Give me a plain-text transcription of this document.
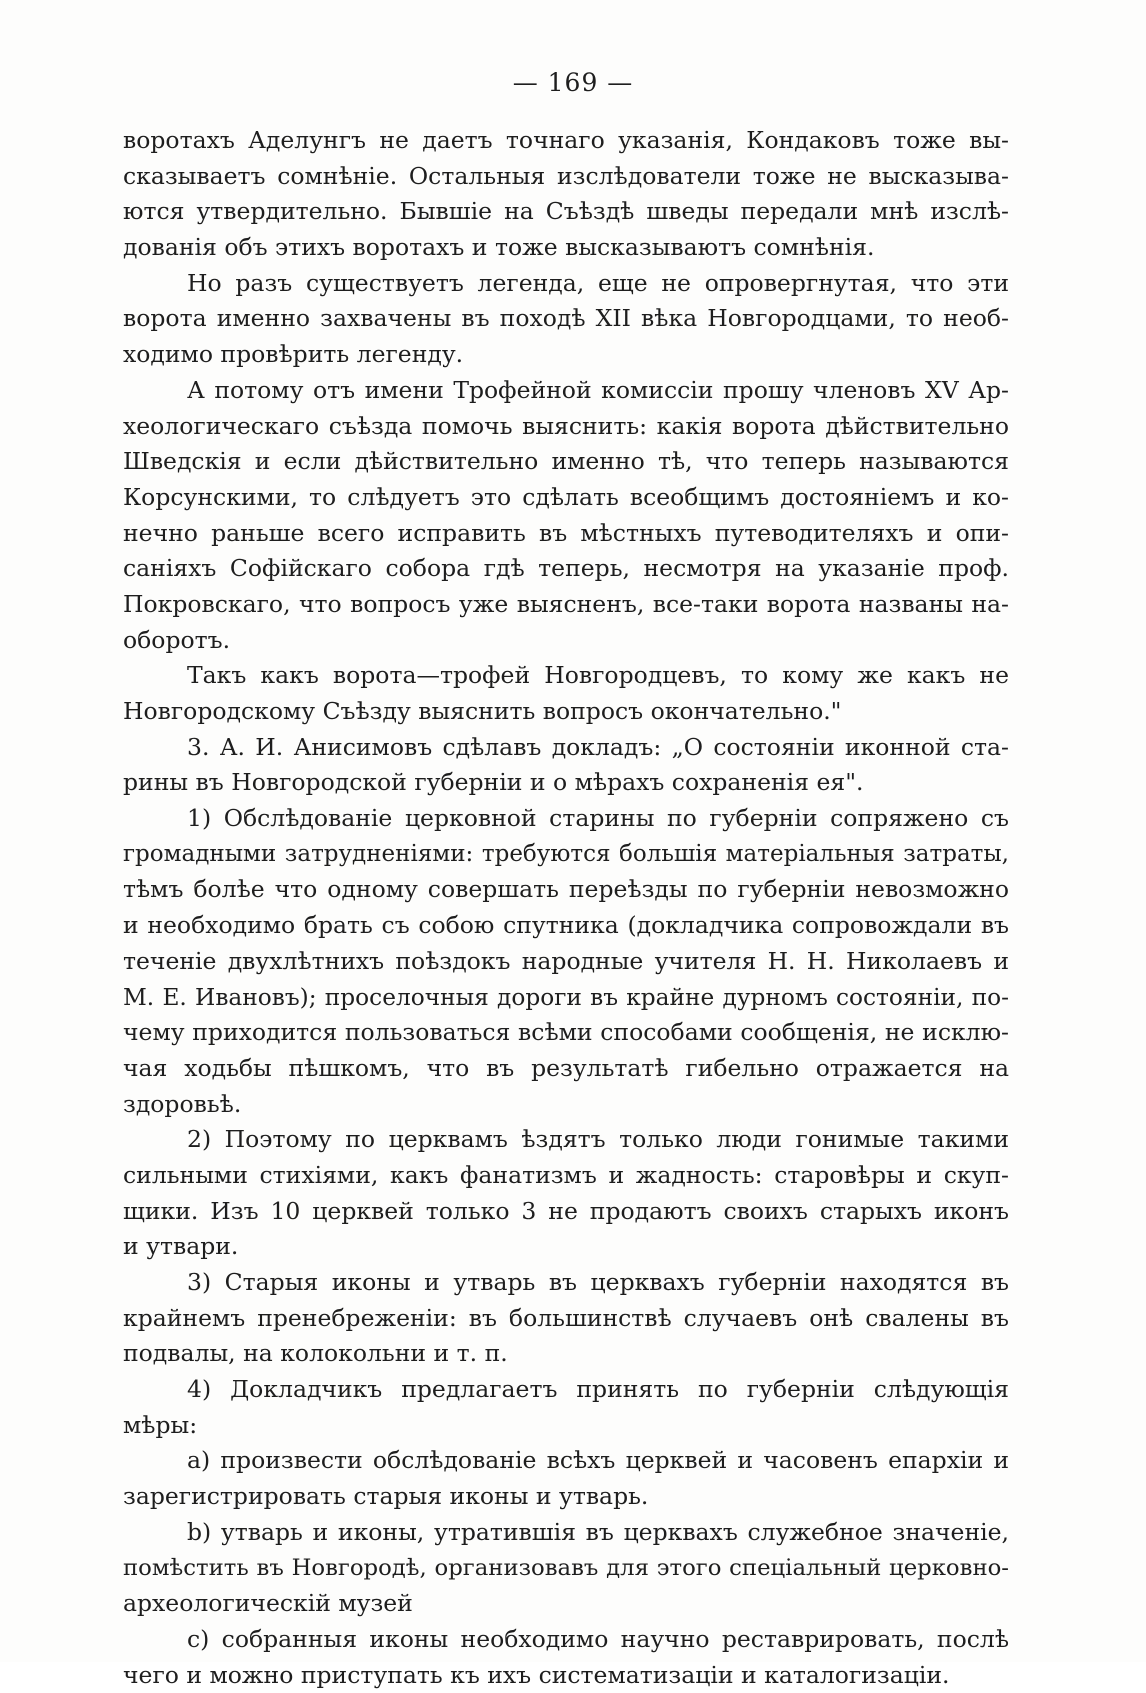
— 169 —
воротахъ Аделунгъ не даетъ точнаго указанія, Кондаковъ тоже вы-
сказываетъ сомнѣніе. Остальныя изслѣдователи тоже не высказыва-
ются утвердительно. Бывшіе на Съѣздѣ шведы передали мнѣ изслѣ-
дованія объ этихъ воротахъ и тоже высказываютъ сомнѣнія.
Но разъ существуетъ легенда, еще не опровергнутая, что эти
ворота именно захвачены въ походѣ XII вѣка Новгородцами, то необ-
ходимо провѣрить легенду.
А потому отъ имени Трофейной комиссіи прошу членовъ XV Ар-
хеологическаго съѣзда помочь выяснить: какія ворота дѣйствительно
Шведскія и если дѣйствительно именно тѣ, что теперь называются
Корсунскими, то слѣдуетъ это сдѣлать всеобщимъ достояніемъ и ко-
нечно раньше всего исправить въ мѣстныхъ путеводителяхъ и опи-
саніяхъ Софійскаго собора гдѣ теперь, несмотря на указаніе проф.
Покровскаго, что вопросъ уже выясненъ, все-таки ворота названы на-
оборотъ.
Такъ какъ ворота—трофей Новгородцевъ, то кому же какъ не
Новгородскому Съѣзду выяснить вопросъ окончательно."
3. А. И. Анисимовъ сдѣлавъ докладъ: „О состояніи иконной ста-
рины въ Новгородской губерніи и о мѣрахъ сохраненія ея".
1) Обслѣдованіе церковной старины по губерніи сопряжено съ
громадными затрудненіями: требуются большія матеріальныя затраты,
тѣмъ болѣе что одному совершать переѣзды по губерніи невозможно
и необходимо брать съ собою спутника (докладчика сопровождали въ
теченіе двухлѣтнихъ поѣздокъ народные учителя Н. Н. Николаевъ и
М. Е. Ивановъ); проселочныя дороги въ крайне дурномъ состояніи, по-
чему приходится пользоваться всѣми способами сообщенія, не исклю-
чая ходьбы пѣшкомъ, что въ результатѣ гибельно отражается на
здоровьѣ.
2) Поэтому по церквамъ ѣздятъ только люди гонимые такими
сильными стихіями, какъ фанатизмъ и жадность: старовѣры и скуп-
щики. Изъ 10 церквей только 3 не продаютъ своихъ старыхъ иконъ
и утвари.
3) Старыя иконы и утварь въ церквахъ губерніи находятся въ
крайнемъ пренебреженіи: въ большинствѣ случаевъ онѣ свалены въ
подвалы, на колокольни и т. п.
4) Докладчикъ предлагаетъ принять по губерніи слѣдующія
мѣры:
a) произвести обслѣдованіе всѣхъ церквей и часовенъ епархіи и
зарегистрировать старыя иконы и утварь.
b) утварь и иконы, утратившія въ церквахъ служебное значеніе,
помѣстить въ Новгородѣ, организовавъ для этого спеціальный церковно-
археологическій музей
c) собранныя иконы необходимо научно реставрировать, послѣ
чего и можно приступать къ ихъ систематизаціи и каталогизаціи.
